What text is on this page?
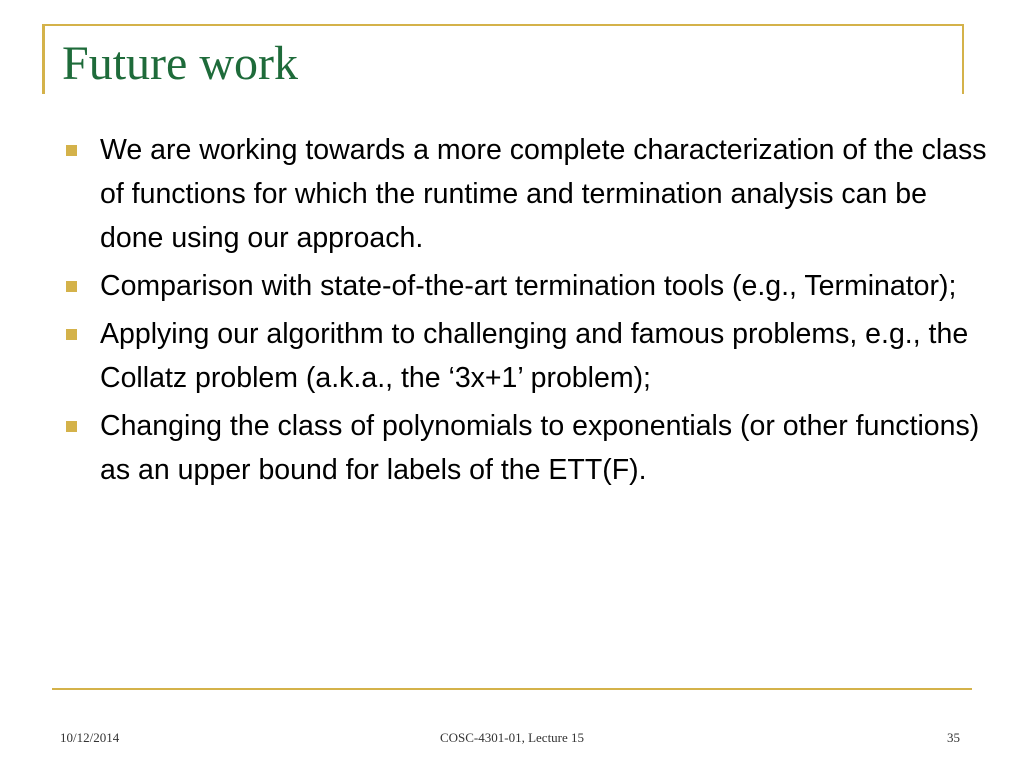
Future work
We are working towards a more complete characterization of the class of functions for which the runtime and termination analysis can be done using our approach.
Comparison with state-of-the-art termination tools (e.g., Terminator);
Applying our algorithm to challenging and famous problems, e.g., the Collatz problem (a.k.a., the ‘3x+1’ problem);
Changing the class of polynomials to exponentials (or other functions) as an upper bound for labels of the ETT(F).
10/12/2014	COSC-4301-01, Lecture 15	35
